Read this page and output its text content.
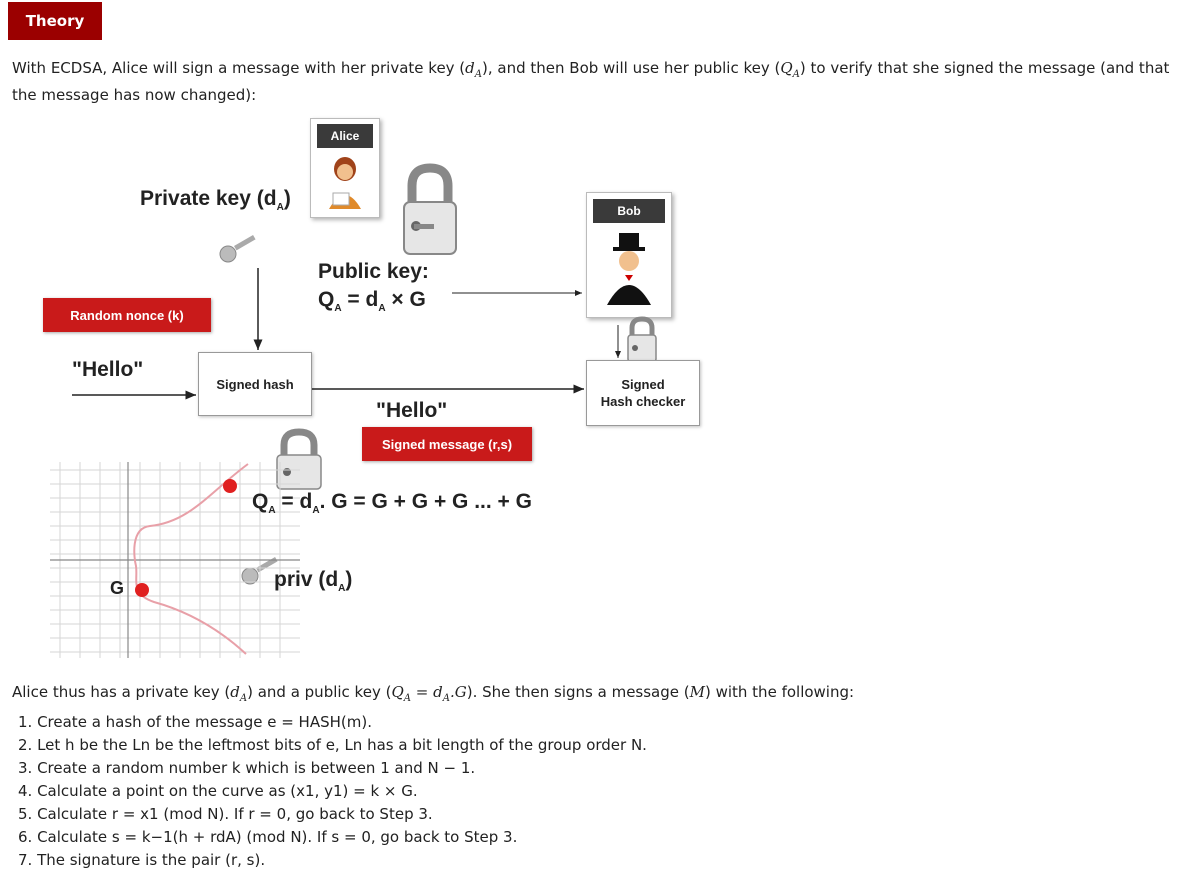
Theory
With ECDSA, Alice will sign a message with her private key $(d_A)$, and then Bob will use her public key $(Q_A)$ to verify that she signed the message (and that the message has now changed):
Alice
Bob
Private key $(d_A)$
Public key:
$Q_A = d_A \times G$
Random nonce (k)
"Hello"
Signed hash
"Hello"
Signed message (r,s)
Signed
Hash checker
G
$Q_A = d_A$. G = G + G + G ... + G
priv $(d_A)$
Alice thus has a private key $(d_A)$ and a public key $(Q_A = d_A.G)$. She then signs a message (M) with the following:
1. Create a hash of the message e = HASH(m).
2. Let h be the Ln be the leftmost bits of e, Ln has a bit length of the group order N.
3. Create a random number k which is between 1 and N − 1.
4. Calculate a point on the curve as (x1, y1) = k × G.
5. Calculate r = x1 (mod N). If r = 0, go back to Step 3.
6. Calculate s = k−1(h + rdA) (mod N). If s = 0, go back to Step 3.
7. The signature is the pair (r, s).
